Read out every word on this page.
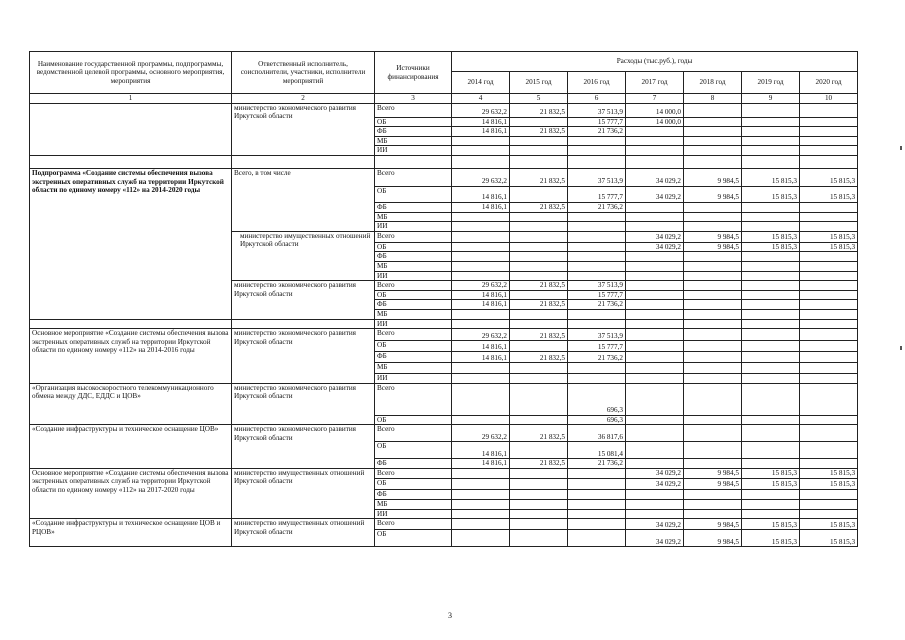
Наименование государственной программы, подпрограммы, ведомственной целевой программы, основного мероприятия, мероприятия	Ответственный исполнитель, соисполнители, участники, исполнители мероприятий	Источники финансирования	Расходы (тыс.руб.), годы						
			2014 год	2015 год	2016 год	2017 год	2018 год	2019 год	2020 год
1	2	3	4	5	6	7	8	9	10
	министерство экономического развития Иркутской области	Всего	29 632,2	21 832,5	37 513,9	14 000,0			
		ОБ	14 816,1		15 777,7	14 000,0			
		ФБ	14 816,1	21 832,5	21 736,2				
		МБ							
		ИИ							

Подпрограмма «Создание системы обеспечения вызова экстренных оперативных служб на территории Иркутской области по единому номеру «112» на 2014-2020 годы	Всего, в том числе	Всего	29 632,2	21 832,5	37 513,9	34 029,2	9 984,5	15 815,3	15 815,3
		ОБ	14 816,1		15 777,7	34 029,2	9 984,5	15 815,3	15 815,3
		ФБ	14 816,1	21 832,5	21 736,2				
		МБ							
		ИИ							
	министерство имущественных отношений Иркутской области	Всего				34 029,2	9 984,5	15 815,3	15 815,3
		ОБ				34 029,2	9 984,5	15 815,3	15 815,3
		ФБ							
		МБ							
		ИИ							
	министерство экономического развития Иркутской области	Всего	29 632,2	21 832,5	37 513,9				
		ОБ	14 816,1		15 777,7				
		ФБ	14 816,1	21 832,5	21 736,2				
		МБ							
		ИИ							
Основное мероприятие «Создание системы обеспечения вызова экстренных оперативных служб на территории Иркутской области по единому номеру «112» на 2014-2016 годы	министерство экономического развития Иркутской области	Всего	29 632,2	21 832,5	37 513,9				
		ОБ	14 816,1		15 777,7				
		ФБ	14 816,1	21 832,5	21 736,2				
		МБ							
		ИИ							
«Организация высокоскоростного телекоммуникационного обмена между ДДС, ЕДДС и ЦОВ»	министерство экономического развития Иркутской области	Всего			696,3				
		ОБ			696,3				
«Создание инфраструктуры и техническое оснащение ЦОВ»	министерство экономического развития Иркутской области	Всего	29 632,2	21 832,5	36 817,6				
		ОБ	14 816,1		15 081,4				
		ФБ	14 816,1	21 832,5	21 736,2				
Основное мероприятие «Создание системы обеспечения вызова экстренных оперативных служб на территории Иркутской области по единому номеру «112» на 2017-2020 годы	министерство имущественных отношений Иркутской области	Всего				34 029,2	9 984,5	15 815,3	15 815,3
		ОБ				34 029,2	9 984,5	15 815,3	15 815,3
		ФБ							
		МБ							
		ИИ							
«Создание инфраструктуры и техническое оснащение ЦОВ и РЦОВ»	министерство имущественных отношений Иркутской области	Всего				34 029,2	9 984,5	15 815,3	15 815,3
		ОБ				34 029,2	9 984,5	15 815,3	15 815,3
3
